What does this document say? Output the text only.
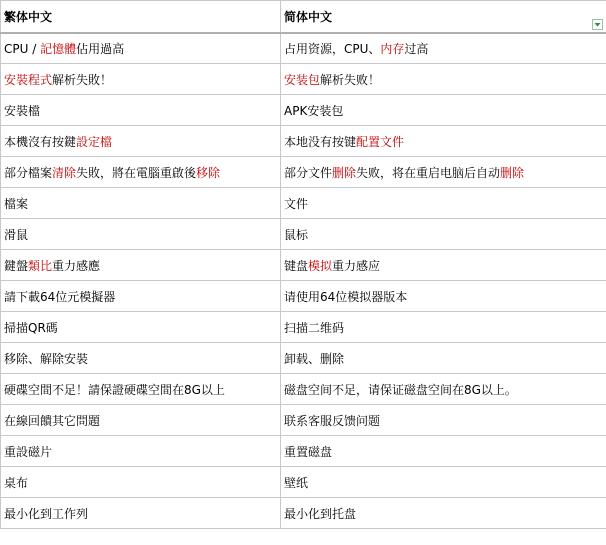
繁体中文	简体中文

CPU / 記憶體佔用過高	占用资源，CPU、内存过高
安裝程式解析失敗！	安装包解析失败！
安裝檔	APK安装包
本機沒有按鍵設定檔	本地没有按键配置文件
部分檔案清除失敗，將在電腦重啟後移除	部分文件删除失败，将在重启电脑后自动删除
檔案	文件
滑鼠	鼠标
鍵盤類比重力感應	键盘模拟重力感应
請下載64位元模擬器	请使用64位模拟器版本
掃描QR碼	扫描二维码
移除、解除安裝	卸载、删除
硬碟空間不足！請保證硬碟空間在8G以上	磁盘空间不足，请保证磁盘空间在8G以上。
在線回饋其它問題	联系客服反馈问题
重設磁片	重置磁盘
桌布	壁纸
最小化到工作列	最小化到托盘
